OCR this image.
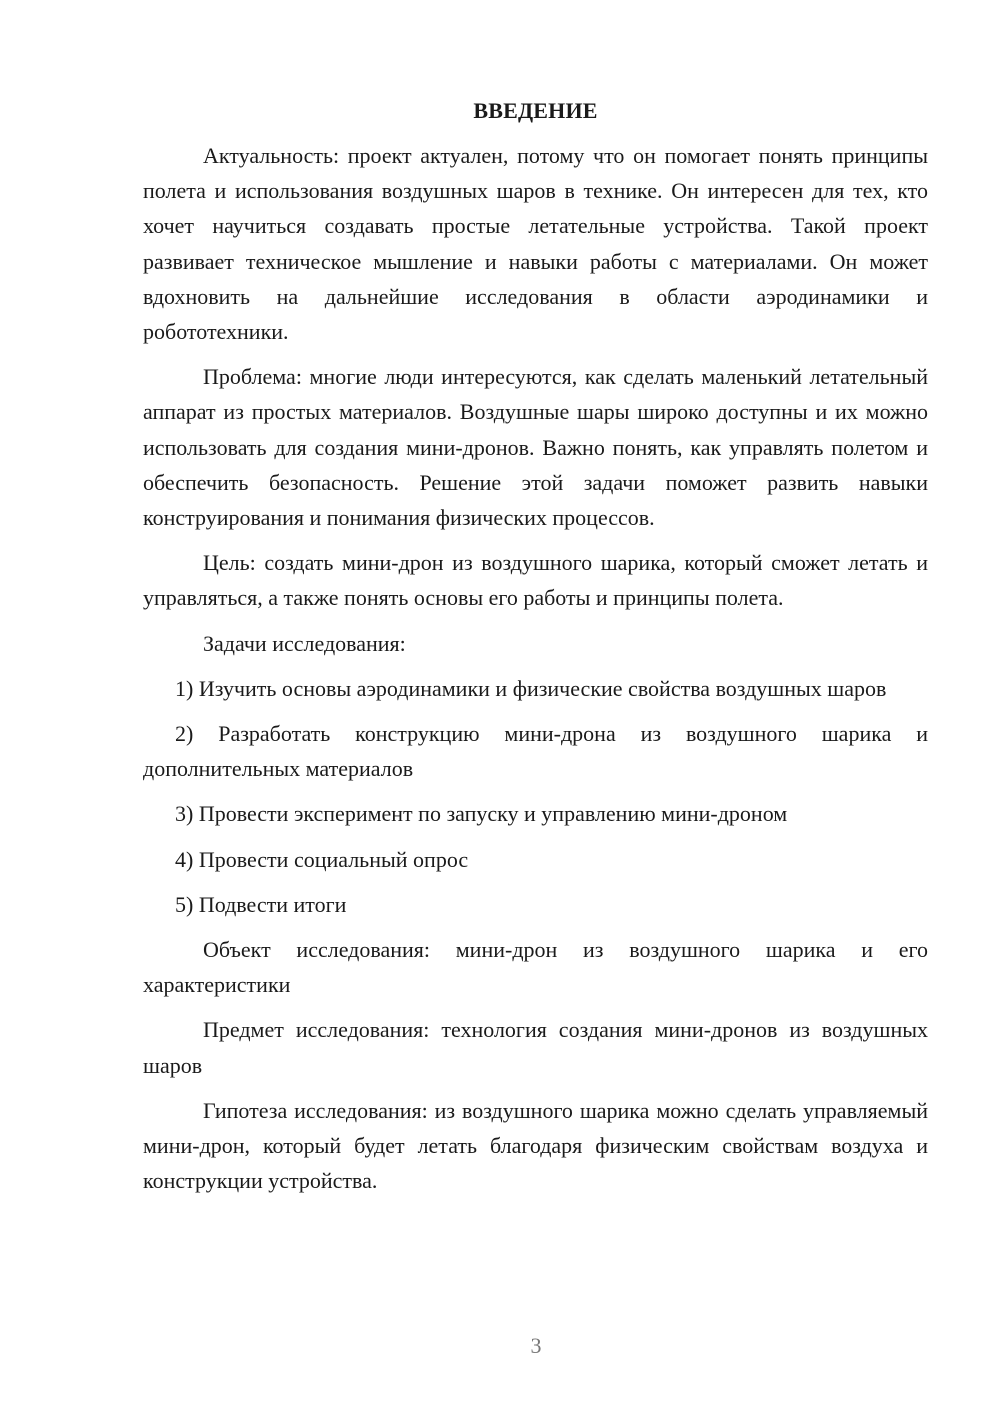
ВВЕДЕНИЕ

Актуальность: проект актуален, потому что он помогает понять принципы полета и использования воздушных шаров в технике. Он интересен для тех, кто хочет научиться создавать простые летательные устройства. Такой проект развивает техническое мышление и навыки работы с материалами. Он может вдохновить на дальнейшие исследования в области аэродинамики и робототехники.

Проблема: многие люди интересуются, как сделать маленький летательный аппарат из простых материалов. Воздушные шары широко доступны и их можно использовать для создания мини-дронов. Важно понять, как управлять полетом и обеспечить безопасность. Решение этой задачи поможет развить навыки конструирования и понимания физических процессов.

Цель: создать мини-дрон из воздушного шарика, который сможет летать и управляться, а также понять основы его работы и принципы полета.

Задачи исследования:

1) Изучить основы аэродинамики и физические свойства воздушных шаров

2) Разработать конструкцию мини-дрона из воздушного шарика и дополнительных материалов

3) Провести эксперимент по запуску и управлению мини-дроном

4) Провести социальный опрос

5) Подвести итоги

Объект исследования: мини-дрон из воздушного шарика и его характеристики

Предмет исследования: технология создания мини-дронов из воздушных шаров

Гипотеза исследования: из воздушного шарика можно сделать управляемый мини-дрон, который будет летать благодаря физическим свойствам воздуха и конструкции устройства.

3
